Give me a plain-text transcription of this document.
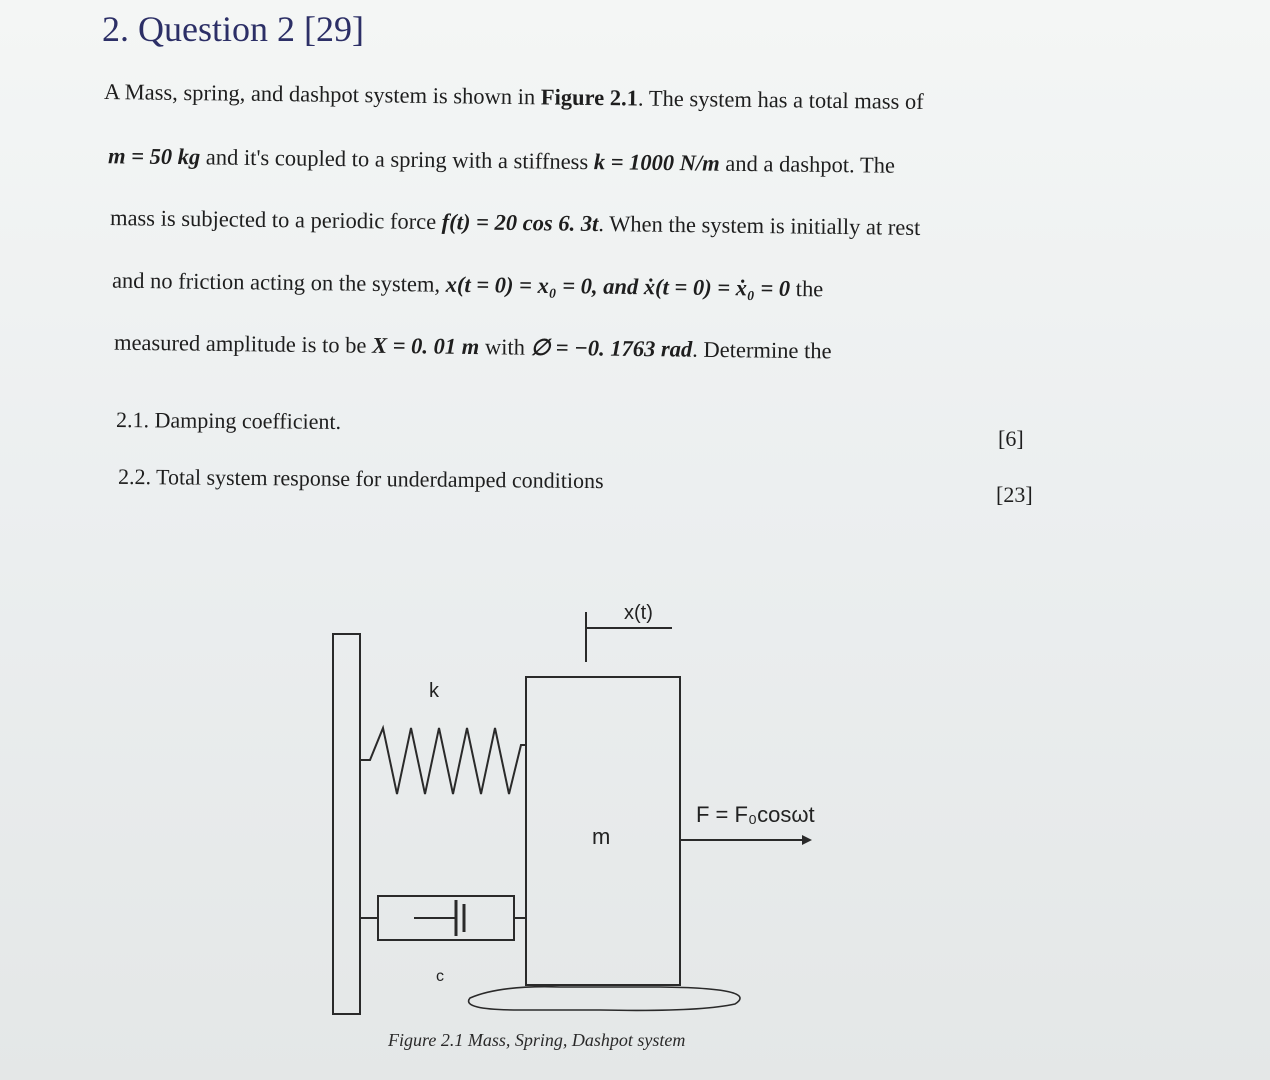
2. Question 2 [29]
A Mass, spring, and dashpot system is shown in Figure 2.1. The system has a total mass of
m = 50 kg and it's coupled to a spring with a stiffness k = 1000 N/m and a dashpot. The
mass is subjected to a periodic force f(t) = 20 cos 6. 3t. When the system is initially at rest
and no friction acting on the system, x(t = 0) = x₀ = 0, and ẋ(t = 0) = ẋ₀ = 0 the
measured amplitude is to be X = 0. 01 m with ∅ = −0. 1763 rad. Determine the
2.1. Damping coefficient.
[6]
2.2. Total system response for underdamped conditions
[23]
x(t)
k
m
F = F₀cosωt
c
Figure 2.1 Mass, Spring, Dashpot system
